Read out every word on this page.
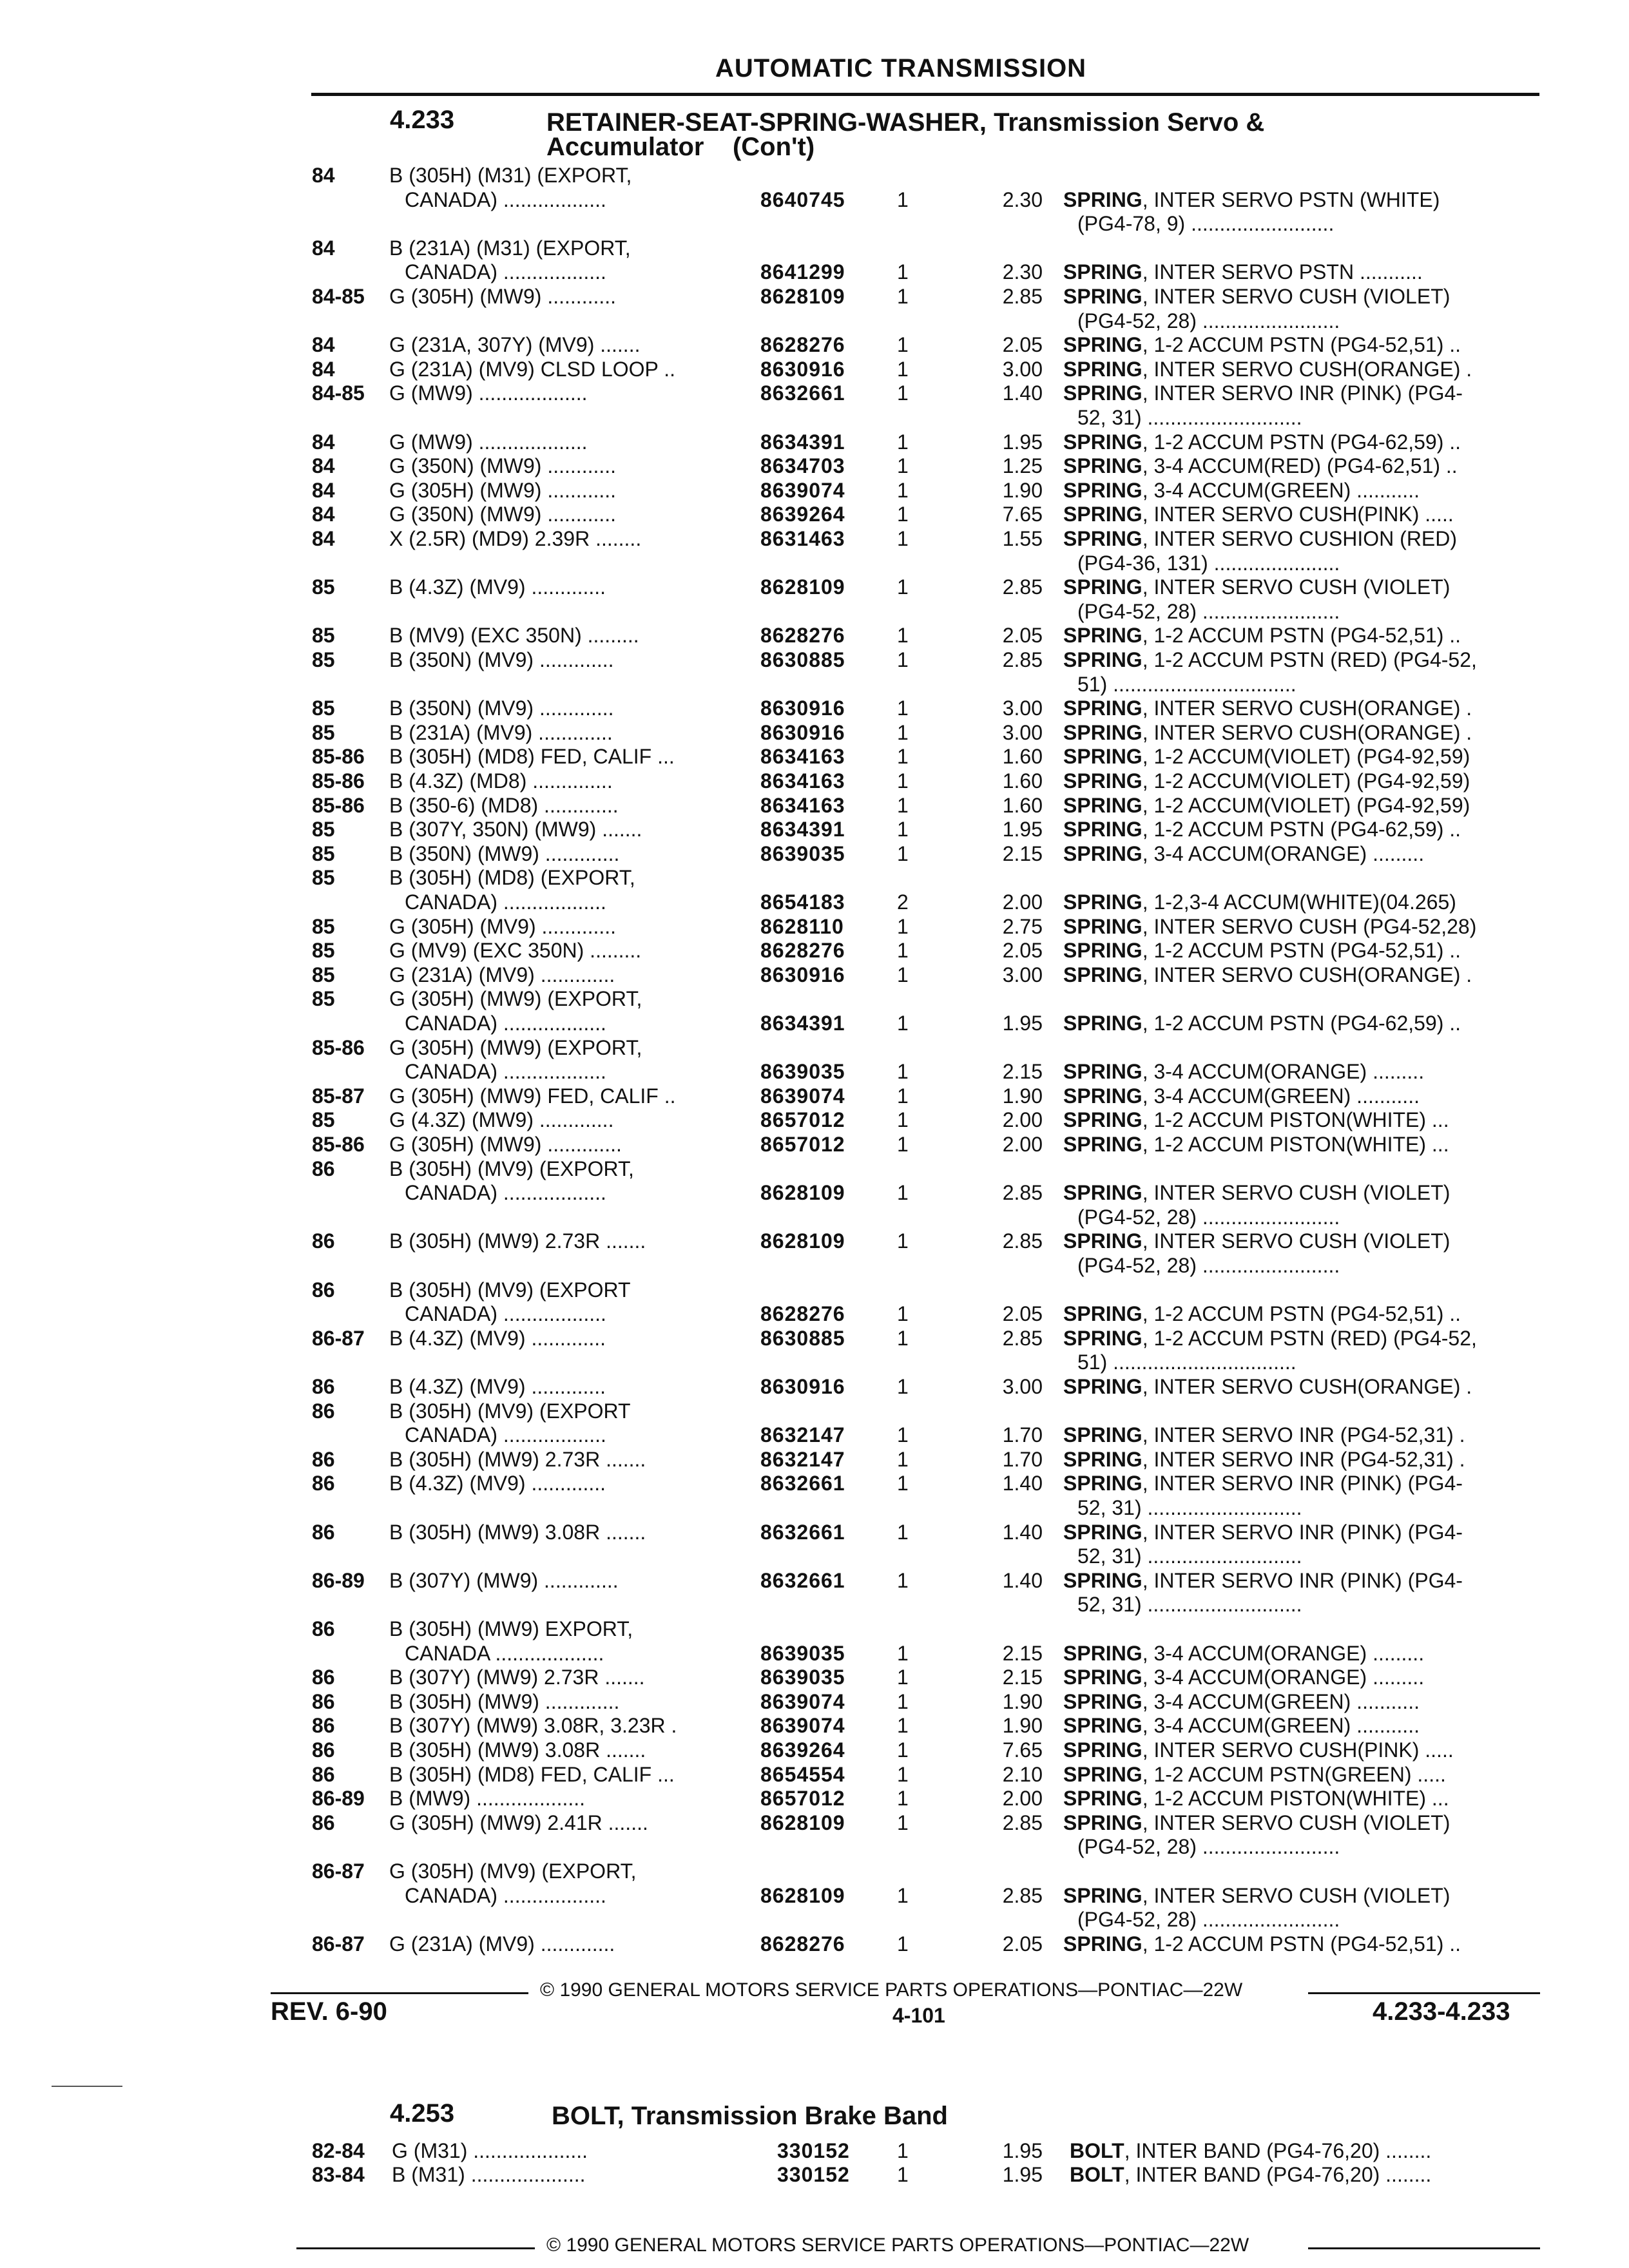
AUTOMATIC TRANSMISSION
4.233	RETAINER-SEAT-SPRING-WASHER, Transmission Servo &
Accumulator    (Con't)
84	B (305H) (M31) (EXPORT,
CANADA) ..................	8640745	1	2.30 SPRING, INTER SERVO PSTN (WHITE)
(PG4-78, 9) .........................
84	B (231A) (M31) (EXPORT,
CANADA) ..................	8641299	1	2.30 SPRING, INTER SERVO PSTN ...........
84-85 G (305H) (MW9) ............	8628109	1	2.85 SPRING, INTER SERVO CUSH (VIOLET)
(PG4-52, 28) ........................
84	G (231A, 307Y) (MV9) .......	8628276	1	2.05 SPRING, 1-2 ACCUM PSTN (PG4-52,51) ..
84	G (231A) (MV9) CLSD LOOP ..	8630916	1	3.00 SPRING, INTER SERVO CUSH(ORANGE) .
84-85 G (MW9) ...................	8632661	1	1.40 SPRING, INTER SERVO INR (PINK) (PG4-
52, 31) ...........................
84	G (MW9) ...................	8634391	1	1.95 SPRING, 1-2 ACCUM PSTN (PG4-62,59) ..
84	G (350N) (MW9) ............	8634703	1	1.25 SPRING, 3-4 ACCUM(RED) (PG4-62,51) ..
84	G (305H) (MW9) ............	8639074	1	1.90 SPRING, 3-4 ACCUM(GREEN) ...........
84	G (350N) (MW9) ............	8639264	1	7.65 SPRING, INTER SERVO CUSH(PINK) .....
84	X (2.5R) (MD9) 2.39R ........	8631463	1	1.55 SPRING, INTER SERVO CUSHION (RED)
(PG4-36, 131) ......................
85	B (4.3Z) (MV9) .............	8628109	1	2.85 SPRING, INTER SERVO CUSH (VIOLET)
(PG4-52, 28) ........................
85	B (MV9) (EXC 350N) .........	8628276	1	2.05 SPRING, 1-2 ACCUM PSTN (PG4-52,51) ..
85	B (350N) (MV9) .............	8630885	1	2.85 SPRING, 1-2 ACCUM PSTN (RED) (PG4-52,
51) ................................
85	B (350N) (MV9) .............	8630916	1	3.00 SPRING, INTER SERVO CUSH(ORANGE) .
85	B (231A) (MV9) .............	8630916	1	3.00 SPRING, INTER SERVO CUSH(ORANGE) .
85-86 B (305H) (MD8) FED, CALIF ...	8634163	1	1.60 SPRING, 1-2 ACCUM(VIOLET) (PG4-92,59)
85-86 B (4.3Z) (MD8) ..............	8634163	1	1.60 SPRING, 1-2 ACCUM(VIOLET) (PG4-92,59)
85-86 B (350-6) (MD8) .............	8634163	1	1.60 SPRING, 1-2 ACCUM(VIOLET) (PG4-92,59)
85	B (307Y, 350N) (MW9) .......	8634391	1	1.95 SPRING, 1-2 ACCUM PSTN (PG4-62,59) ..
85	B (350N) (MW9) .............	8639035	1	2.15 SPRING, 3-4 ACCUM(ORANGE) .........
85	B (305H) (MD8) (EXPORT,
CANADA) ..................	8654183	2	2.00 SPRING, 1-2,3-4 ACCUM(WHITE)(04.265)
85	G (305H) (MV9) .............	8628110	1	2.75 SPRING, INTER SERVO CUSH (PG4-52,28)
85	G (MV9) (EXC 350N) .........	8628276	1	2.05 SPRING, 1-2 ACCUM PSTN (PG4-52,51) ..
85	G (231A) (MV9) .............	8630916	1	3.00 SPRING, INTER SERVO CUSH(ORANGE) .
85	G (305H) (MW9) (EXPORT,
CANADA) ..................	8634391	1	1.95 SPRING, 1-2 ACCUM PSTN (PG4-62,59) ..
85-86 G (305H) (MW9) (EXPORT,
CANADA) ..................	8639035	1	2.15 SPRING, 3-4 ACCUM(ORANGE) .........
85-87 G (305H) (MW9) FED, CALIF ..	8639074	1	1.90 SPRING, 3-4 ACCUM(GREEN) ...........
85	G (4.3Z) (MW9) .............	8657012	1	2.00 SPRING, 1-2 ACCUM PISTON(WHITE) ...
85-86 G (305H) (MW9) .............	8657012	1	2.00 SPRING, 1-2 ACCUM PISTON(WHITE) ...
86	B (305H) (MV9) (EXPORT,
CANADA) ..................	8628109	1	2.85 SPRING, INTER SERVO CUSH (VIOLET)
(PG4-52, 28) ........................
86	B (305H) (MW9) 2.73R .......	8628109	1	2.85 SPRING, INTER SERVO CUSH (VIOLET)
(PG4-52, 28) ........................
86	B (305H) (MV9) (EXPORT
CANADA) ..................	8628276	1	2.05 SPRING, 1-2 ACCUM PSTN (PG4-52,51) ..
86-87 B (4.3Z) (MV9) .............	8630885	1	2.85 SPRING, 1-2 ACCUM PSTN (RED) (PG4-52,
51) ................................
86	B (4.3Z) (MV9) .............	8630916	1	3.00 SPRING, INTER SERVO CUSH(ORANGE) .
86	B (305H) (MV9) (EXPORT
CANADA) ..................	8632147	1	1.70 SPRING, INTER SERVO INR (PG4-52,31) .
86	B (305H) (MW9) 2.73R .......	8632147	1	1.70 SPRING, INTER SERVO INR (PG4-52,31) .
86	B (4.3Z) (MV9) .............	8632661	1	1.40 SPRING, INTER SERVO INR (PINK) (PG4-
52, 31) ...........................
86	B (305H) (MW9) 3.08R .......	8632661	1	1.40 SPRING, INTER SERVO INR (PINK) (PG4-
52, 31) ...........................
86-89 B (307Y) (MW9) .............	8632661	1	1.40 SPRING, INTER SERVO INR (PINK) (PG4-
52, 31) ...........................
86	B (305H) (MW9) EXPORT,
CANADA ...................	8639035	1	2.15 SPRING, 3-4 ACCUM(ORANGE) .........
86	B (307Y) (MW9) 2.73R .......	8639035	1	2.15 SPRING, 3-4 ACCUM(ORANGE) .........
86	B (305H) (MW9) .............	8639074	1	1.90 SPRING, 3-4 ACCUM(GREEN) ...........
86	B (307Y) (MW9) 3.08R, 3.23R .	8639074	1	1.90 SPRING, 3-4 ACCUM(GREEN) ...........
86	B (305H) (MW9) 3.08R .......	8639264	1	7.65 SPRING, INTER SERVO CUSH(PINK) .....
86	B (305H) (MD8) FED, CALIF ...	8654554	1	2.10 SPRING, 1-2 ACCUM PSTN(GREEN) .....
86-89 B (MW9) ...................	8657012	1	2.00 SPRING, 1-2 ACCUM PISTON(WHITE) ...
86	G (305H) (MW9) 2.41R .......	8628109	1	2.85 SPRING, INTER SERVO CUSH (VIOLET)
(PG4-52, 28) ........................
86-87 G (305H) (MV9) (EXPORT,
CANADA) ..................	8628109	1	2.85 SPRING, INTER SERVO CUSH (VIOLET)
(PG4-52, 28) ........................
86-87 G (231A) (MV9) .............	8628276	1	2.05 SPRING, 1-2 ACCUM PSTN (PG4-52,51) ..
© 1990 GENERAL MOTORS SERVICE PARTS OPERATIONS—PONTIAC—22W
REV. 6-90	4-101	4.233-4.233
4.253	BOLT, Transmission Brake Band
82-84 G (M31) ....................	330152 1	1.95 BOLT, INTER BAND (PG4-76,20) ........
83-84 B (M31) ....................	330152 1	1.95 BOLT, INTER BAND (PG4-76,20) ........
© 1990 GENERAL MOTORS SERVICE PARTS OPERATIONS—PONTIAC—22W
